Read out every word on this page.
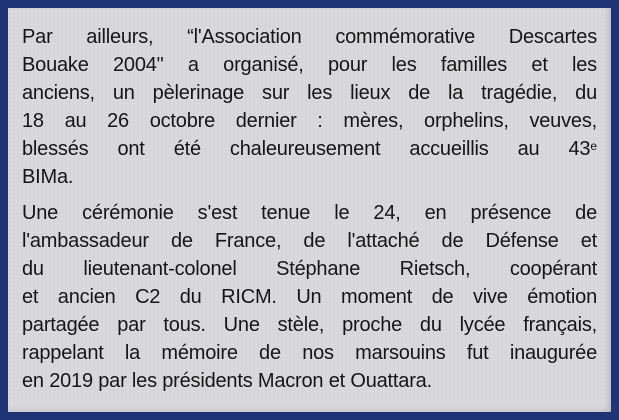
Par ailleurs, “l'Association commémorative Descartes
Bouake 2004" a organisé, pour les familles et les
anciens, un pèlerinage sur les lieux de la tragédie, du
18 au 26 octobre dernier : mères, orphelins, veuves,
blessés ont été chaleureusement accueillis au 43e
BIMa.
Une cérémonie s'est tenue le 24, en présence de
l'ambassadeur de France, de l'attaché de Défense et
du lieutenant-colonel Stéphane Rietsch, coopérant
et ancien C2 du RICM. Un moment de vive émotion
partagée par tous. Une stèle, proche du lycée français,
rappelant la mémoire de nos marsouins fut inaugurée
en 2019 par les présidents Macron et Ouattara.
